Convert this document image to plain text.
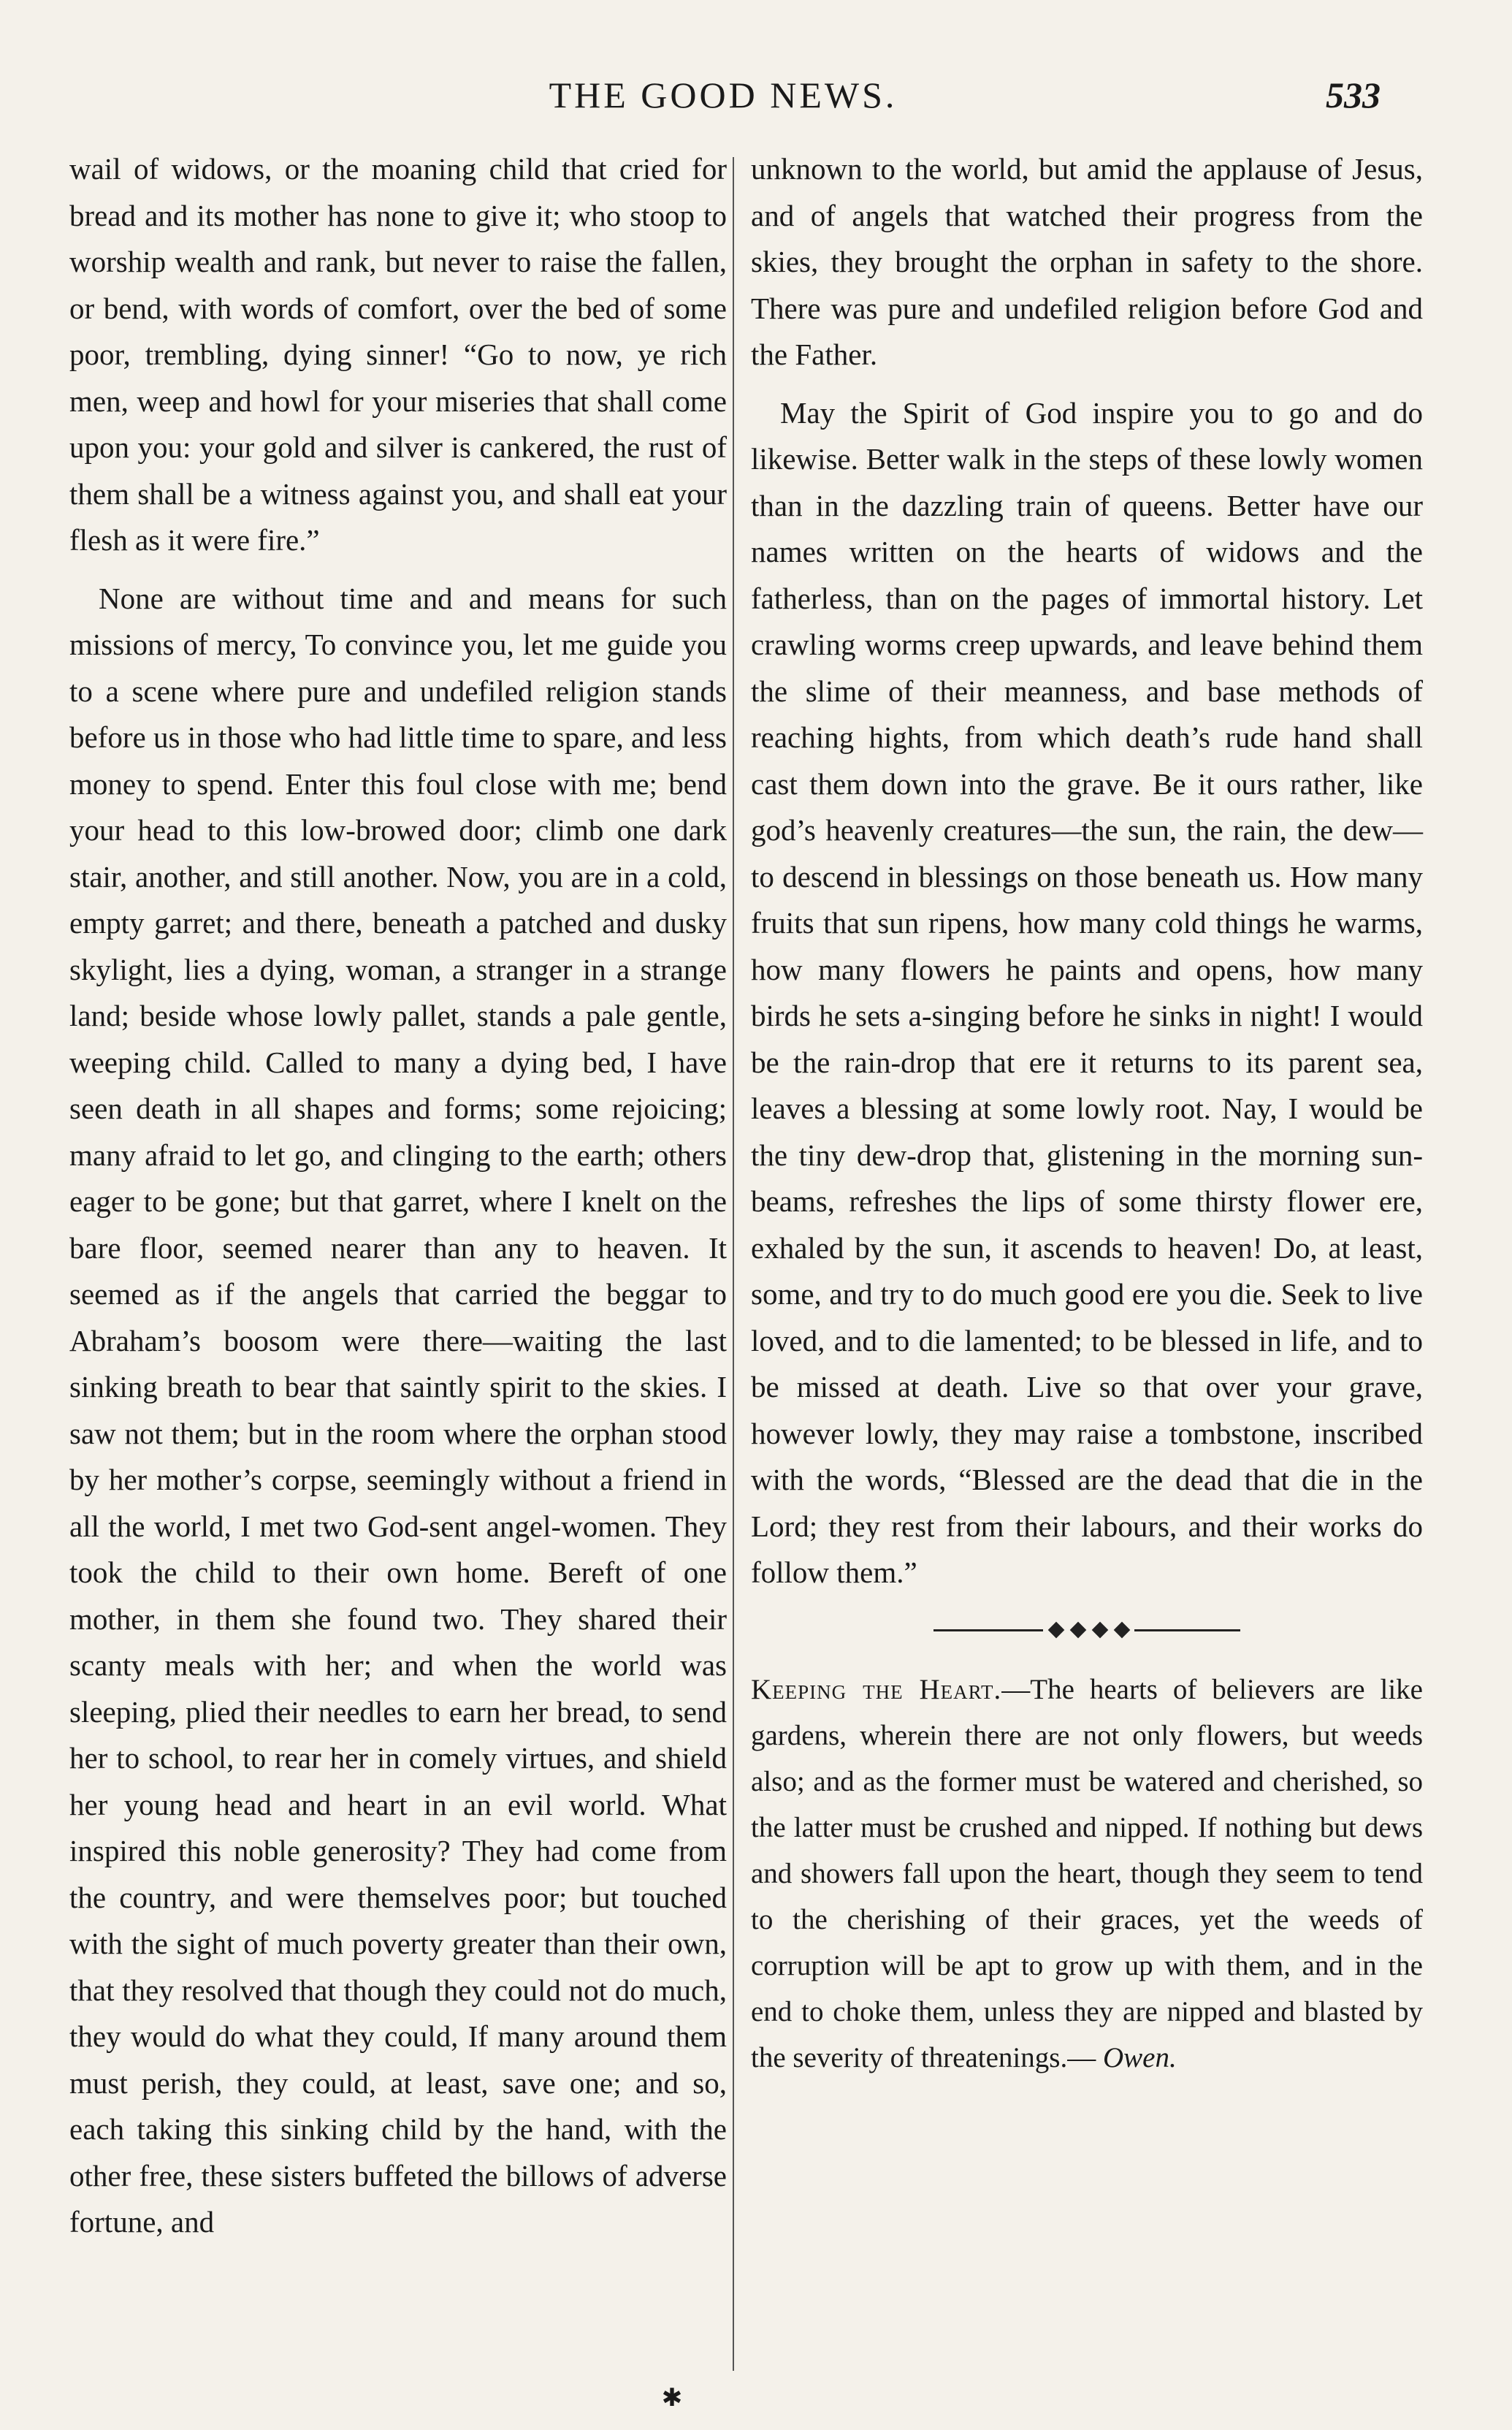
THE GOOD NEWS.	533

wail of widows, or the moaning child that cried for bread and its mother has none to give it; who stoop to worship wealth and rank, but never to raise the fallen, or bend, with words of comfort, over the bed of some poor, trembling, dying sinner! “Go to now, ye rich men, weep and howl for your miseries that shall come upon you: your gold and silver is cankered, the rust of them shall be a witness against you, and shall eat your flesh as it were fire.”

None are without time and and means for such missions of mercy, To convince you, let me guide you to a scene where pure and undefiled religion stands before us in those who had little time to spare, and less money to spend. Enter this foul close with me; bend your head to this low-browed door; climb one dark stair, another, and still another. Now, you are in a cold, empty garret; and there, beneath a patched and dusky skylight, lies a dying, woman, a stranger in a strange land; beside whose lowly pallet, stands a pale gentle, weeping child. Called to many a dying bed, I have seen death in all shapes and forms; some rejoicing; many afraid to let go, and clinging to the earth; others eager to be gone; but that garret, where I knelt on the bare floor, seemed nearer than any to heaven. It seemed as if the angels that carried the beggar to Abraham’s boosom were there—waiting the last sinking breath to bear that saintly spirit to the skies. I saw not them; but in the room where the orphan stood by her mother’s corpse, seemingly without a friend in all the world, I met two God-sent angel-women. They took the child to their own home. Bereft of one mother, in them she found two. They shared their scanty meals with her; and when the world was sleeping, plied their needles to earn her bread, to send her to school, to rear her in comely virtues, and shield her young head and heart in an evil world. What inspired this noble generosity? They had come from the country, and were themselves poor; but touched with the sight of much poverty greater than their own, that they resolved that though they could not do much, they would do what they could, If many around them must perish, they could, at least, save one; and so, each taking this sinking child by the hand, with the other free, these sisters buffeted the billows of adverse fortune, and

unknown to the world, but amid the applause of Jesus, and of angels that watched their progress from the skies, they brought the orphan in safety to the shore. There was pure and undefiled religion before God and the Father.

May the Spirit of God inspire you to go and do likewise. Better walk in the steps of these lowly women than in the dazzling train of queens. Better have our names written on the hearts of widows and the fatherless, than on the pages of immortal history. Let crawling worms creep upwards, and leave behind them the slime of their meanness, and base methods of reaching hights, from which death’s rude hand shall cast them down into the grave. Be it ours rather, like god’s heavenly creatures—the sun, the rain, the dew—to descend in blessings on those beneath us. How many fruits that sun ripens, how many cold things he warms, how many flowers he paints and opens, how many birds he sets a-singing before he sinks in night! I would be the rain-drop that ere it returns to its parent sea, leaves a blessing at some lowly root. Nay, I would be the tiny dew-drop that, glistening in the morning sun-beams, refreshes the lips of some thirsty flower ere, exhaled by the sun, it ascends to heaven! Do, at least, some, and try to do much good ere you die. Seek to live loved, and to die lamented; to be blessed in life, and to be missed at death. Live so that over your grave, however lowly, they may raise a tombstone, inscribed with the words, “Blessed are the dead that die in the Lord; they rest from their labours, and their works do follow them.”

Keeping the Heart.—The hearts of believers are like gardens, wherein there are not only flowers, but weeds also; and as the former must be watered and cherished, so the latter must be crushed and nipped. If nothing but dews and showers fall upon the heart, though they seem to tend to the cherishing of their graces, yet the weeds of corruption will be apt to grow up with them, and in the end to choke them, unless they are nipped and blasted by the severity of threatenings.— Owen.

✱
